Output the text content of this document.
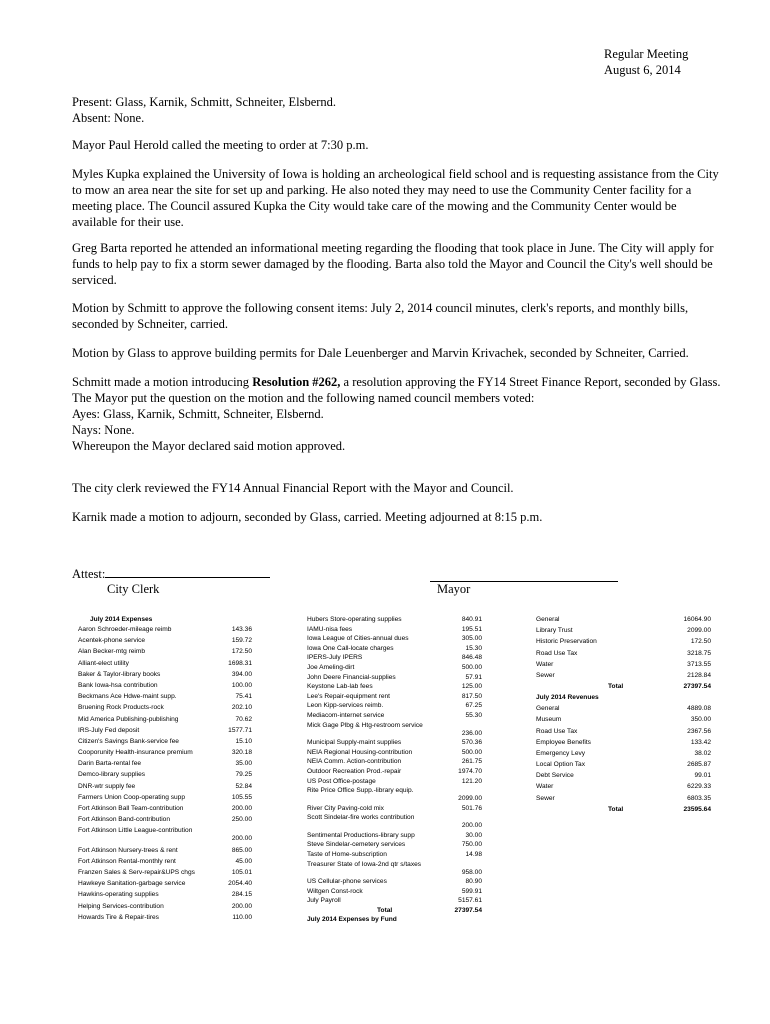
Regular Meeting
August 6, 2014

Present: Glass, Karnik, Schmitt, Schneiter, Elsbernd.

Absent: None.

Mayor Paul Herold called the meeting to order at 7:30 p.m.

Myles Kupka explained the University of Iowa is holding an archeological field school and is requesting assistance from the City to mow an area near the site for set up and parking. He also noted they may need to use the Community Center facility for a meeting place. The Council assured Kupka the City would take care of the mowing and the Community Center would be available for their use.

Greg Barta reported he attended an informational meeting regarding the flooding that took place in June. The City will apply for funds to help pay to fix a storm sewer damaged by the flooding. Barta also told the Mayor and Council the City's well should be serviced.

Motion by Schmitt to approve the following consent items: July 2, 2014 council minutes, clerk's reports, and monthly bills, seconded by Schneiter, carried.

Motion by Glass to approve building permits for Dale Leuenberger and Marvin Krivachek, seconded by Schneiter, Carried.

Schmitt made a motion introducing Resolution #262, a resolution approving the FY14 Street Finance Report, seconded by Glass.

The Mayor put the question on the motion and the following named council members voted:

Ayes: Glass, Karnik, Schmitt, Schneiter, Elsbernd.

Nays: None.

Whereupon the Mayor declared said motion approved.

The city clerk reviewed the FY14 Annual Financial Report with the Mayor and Council.

Karnik made a motion to adjourn, seconded by Glass, carried. Meeting adjourned at 8:15 p.m.

Attest:
City Clerk	Mayor
July 2014 Expenses
Aaron Schroeder-mileage reimb	143.36
Acentek-phone service	159.72
Alan Becker-mtg reimb	172.50
Alliant-elect utility	1698.31
Baker & Taylor-library books	394.00
Bank Iowa-hsa contribution	100.00
Beckmans Ace Hdwe-maint supp.	75.41
Bruening Rock Products-rock	202.10
Mid America Publishing-publishing	70.62
IRS-July Fed deposit	1577.71
Citizen's Savings Bank-service fee	15.10
Cooporunity Health-insurance premium	320.18
Darin Barta-rental fee	35.00
Demco-library supplies	79.25
DNR-wtr supply fee	52.84
Farmers Union Coop-operating supp	105.55
Fort Atkinson Ball Team-contribution	200.00
Fort Atkinson Band-contribution	250.00
Fort Atkinson Little League-contribution
200.00
Fort Atkinson Nursery-trees & rent	865.00
Fort Atkinson Rental-monthly rent	45.00
Franzen Sales & Serv-repair&UPS chgs	105.01
Hawkeye Sanitation-garbage service	2054.40
Hawkins-operating supplies	284.15
Helping Services-contribution	200.00
Howards Tire & Repair-tires	110.00
Hubers Store-operating supplies	840.91
IAMU-nisa fees	195.51
Iowa League of Cities-annual dues	305.00
Iowa One Call-locate charges	15.30
IPERS-July IPERS	846.48
Joe Ameling-dirt	500.00
John Deere Financial-supplies	57.91
Keystone Lab-lab fees	125.00
Lee's Repair-equipment rent	817.50
Leon Kipp-services reimb.	67.25
Mediacom-internet service	55.30
Mick Gage Plbg & Htg-restroom service
236.00
Municipal Supply-maint supplies	570.36
NEIA Regional Housing-contribution	500.00
NEIA Comm. Action-contribution	261.75
Outdoor Recreation Prod.-repair	1974.70
US Post Office-postage	121.20
Rite Price Office Supp.-library equip.
2099.00
River City Paving-cold mix	501.76
Scott Sindelar-fire works contribution
200.00
Sentimental Productions-library supp	30.00
Steve Sindelar-cemetery services	750.00
Taste of Home-subscription	14.98
Treasurer State of Iowa-2nd qtr s/taxes
958.00
US Cellular-phone services	80.90
Wiltgen Const-rock	599.91
July Payroll	5157.61
Total	27397.54
July 2014 Expenses by Fund
General	16064.90
Library Trust	2099.00
Historic Preservation	172.50
Road Use Tax	3218.75
Water	3713.55
Sewer	2128.84
Total	27397.54
July 2014 Revenues
General	4889.08
Museum	350.00
Road Use Tax	2367.56
Employee Benefits	133.42
Emergency Levy	38.02
Local Option Tax	2685.87
Debt Service	99.01
Water	6229.33
Sewer	6803.35
Total	23595.64
